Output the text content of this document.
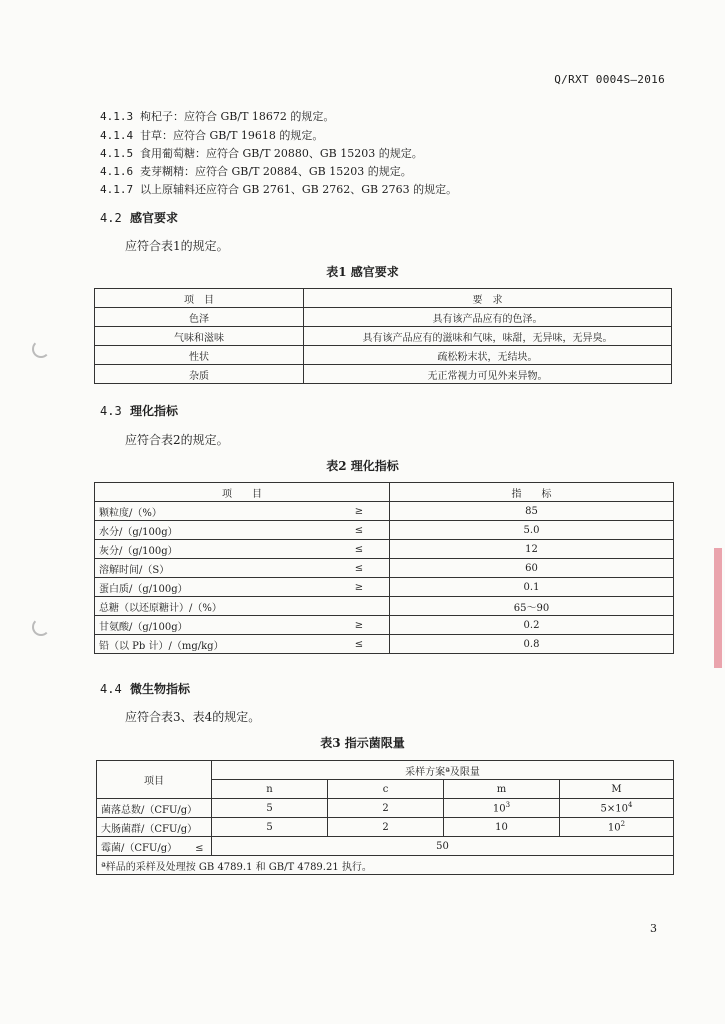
Q/RXT 0004S—2016
4.1.3 枸杞子：应符合 GB/T 18672 的规定。
4.1.4 甘草：应符合 GB/T 19618 的规定。
4.1.5 食用葡萄糖：应符合 GB/T 20880、GB 15203 的规定。
4.1.6 麦芽糊精：应符合 GB/T 20884、GB 15203 的规定。
4.1.7 以上原辅料还应符合 GB 2761、GB 2762、GB 2763 的规定。
4.2 感官要求
应符合表1的规定。
表1 感官要求
项　目	要　求
色泽	具有该产品应有的色泽。
气味和滋味	具有该产品应有的滋味和气味，味甜，无异味，无异臭。
性状	疏松粉末状，无结块。
杂质	无正常视力可见外来异物。
4.3 理化指标
应符合表2的规定。
表2 理化指标
项　　目		指　　标
颗粒度/（%）	≥	85
水分/（g/100g）	≤	5.0
灰分/（g/100g）	≤	12
溶解时间/（S）	≤	60
蛋白质/（g/100g）	≥	0.1
总糖（以还原糖计）/（%）		65～90
甘氨酸/（g/100g）	≥	0.2
铅（以 Pb 计）/（mg/kg）	≤	0.8
4.4 微生物指标
应符合表3、表4的规定。
表3 指示菌限量
项目	采样方案ª及限量			
	n	c	m	M
菌落总数/（CFU/g）	5	2	$10^3$	$5\times 10^4$
大肠菌群/（CFU/g）	5	2	10	$10^2$
霉菌/（CFU/g） ≤	50			
ª样品的采样及处理按 GB 4789.1 和 GB/T 4789.21 执行。				
3
